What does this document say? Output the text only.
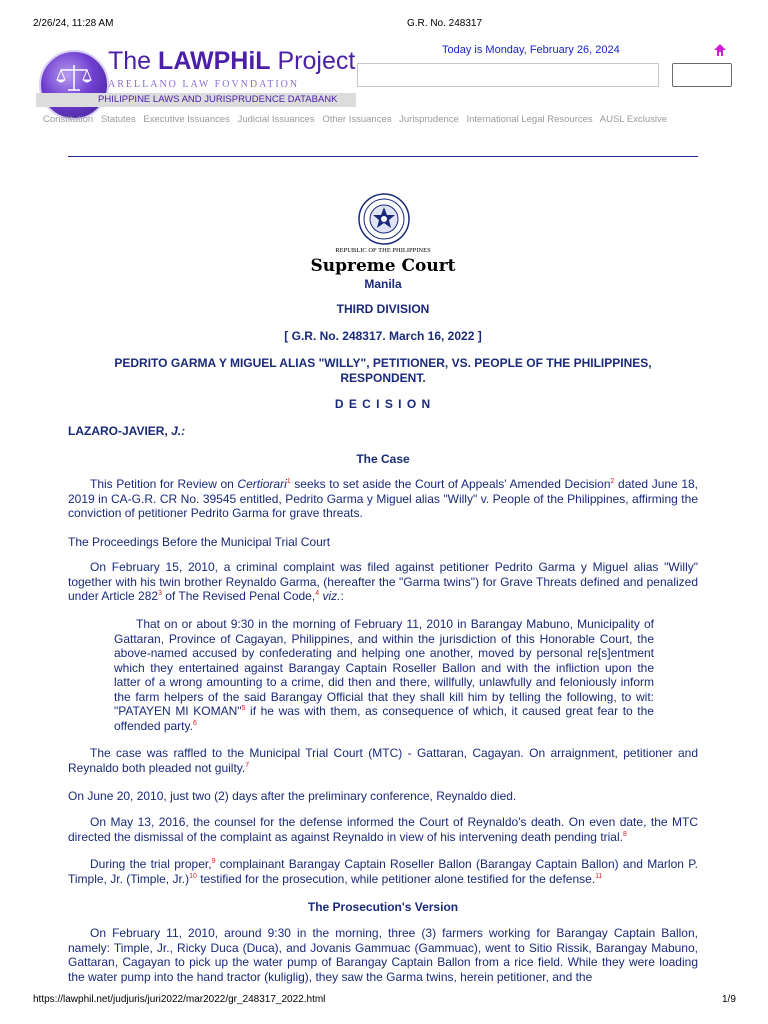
2/26/24, 11:28 AM	G.R. No. 248317
The LAWPHiL Project
ARELLANO LAW FOVNDATION
PHILIPPINE LAWS AND JURISPRUDENCE DATABANK
Today is Monday, February 26, 2024
Constitution Statutes Executive Issuances Judicial Issuances Other Issuances Jurisprudence International Legal Resources AUSL Exclusive
REPUBLIC OF THE PHILIPPINES
Supreme Court
Manila
THIRD DIVISION
[ G.R. No. 248317. March 16, 2022 ]
PEDRITO GARMA Y MIGUEL ALIAS "WILLY", PETITIONER, VS. PEOPLE OF THE PHILIPPINES, RESPONDENT.
D E C I S I O N
LAZARO-JAVIER, J.:
The Case

This Petition for Review on Certiorari$^1$ seeks to set aside the Court of Appeals' Amended Decision$^2$ dated June 18, 2019 in CA-G.R. CR No. 39545 entitled, Pedrito Garma y Miguel alias "Willy" v. People of the Philippines, affirming the conviction of petitioner Pedrito Garma for grave threats.

The Proceedings Before the Municipal Trial Court

On February 15, 2010, a criminal complaint was filed against petitioner Pedrito Garma y Miguel alias "Willy" together with his twin brother Reynaldo Garma, (hereafter the "Garma twins") for Grave Threats defined and penalized under Article $282^3$ of The Revised Penal Code,$^4$ viz.:

That on or about 9:30 in the morning of February 11, 2010 in Barangay Mabuno, Municipality of Gattaran, Province of Cagayan, Philippines, and within the jurisdiction of this Honorable Court, the above-named accused by confederating and helping one another, moved by personal re[s]entment which they entertained against Barangay Captain Roseller Ballon and with the infliction upon the latter of a wrong amounting to a crime, did then and there, willfully, unlawfully and feloniously inform the farm helpers of the said Barangay Official that they shall kill him by telling the following, to wit: "PATAYEN MI KOMAN"$^5$ if he was with them, as consequence of which, it caused great fear to the offended party.$^6$

The case was raffled to the Municipal Trial Court (MTC) - Gattaran, Cagayan. On arraignment, petitioner and Reynaldo both pleaded not guilty.$^7$

On June 20, 2010, just two (2) days after the preliminary conference, Reynaldo died.

On May 13, 2016, the counsel for the defense informed the Court of Reynaldo's death. On even date, the MTC directed the dismissal of the complaint as against Reynaldo in view of his intervening death pending trial.$^8$

During the trial proper,$^9$ complainant Barangay Captain Roseller Ballon (Barangay Captain Ballon) and Marlon P. Timple, Jr. (Timple, Jr.)$^{10}$ testified for the prosecution, while petitioner alone testified for the defense.$^{11}$

The Prosecution's Version

On February 11, 2010, around 9:30 in the morning, three (3) farmers working for Barangay Captain Ballon, namely: Timple, Jr., Ricky Duca (Duca), and Jovanis Gammuac (Gammuac), went to Sitio Rissik, Barangay Mabuno, Gattaran, Cagayan to pick up the water pump of Barangay Captain Ballon from a rice field. While they were loading the water pump into the hand tractor (kuliglig), they saw the Garma twins, herein petitioner, and the

https://lawphil.net/judjuris/juri2022/mar2022/gr_248317_2022.html	1/9
